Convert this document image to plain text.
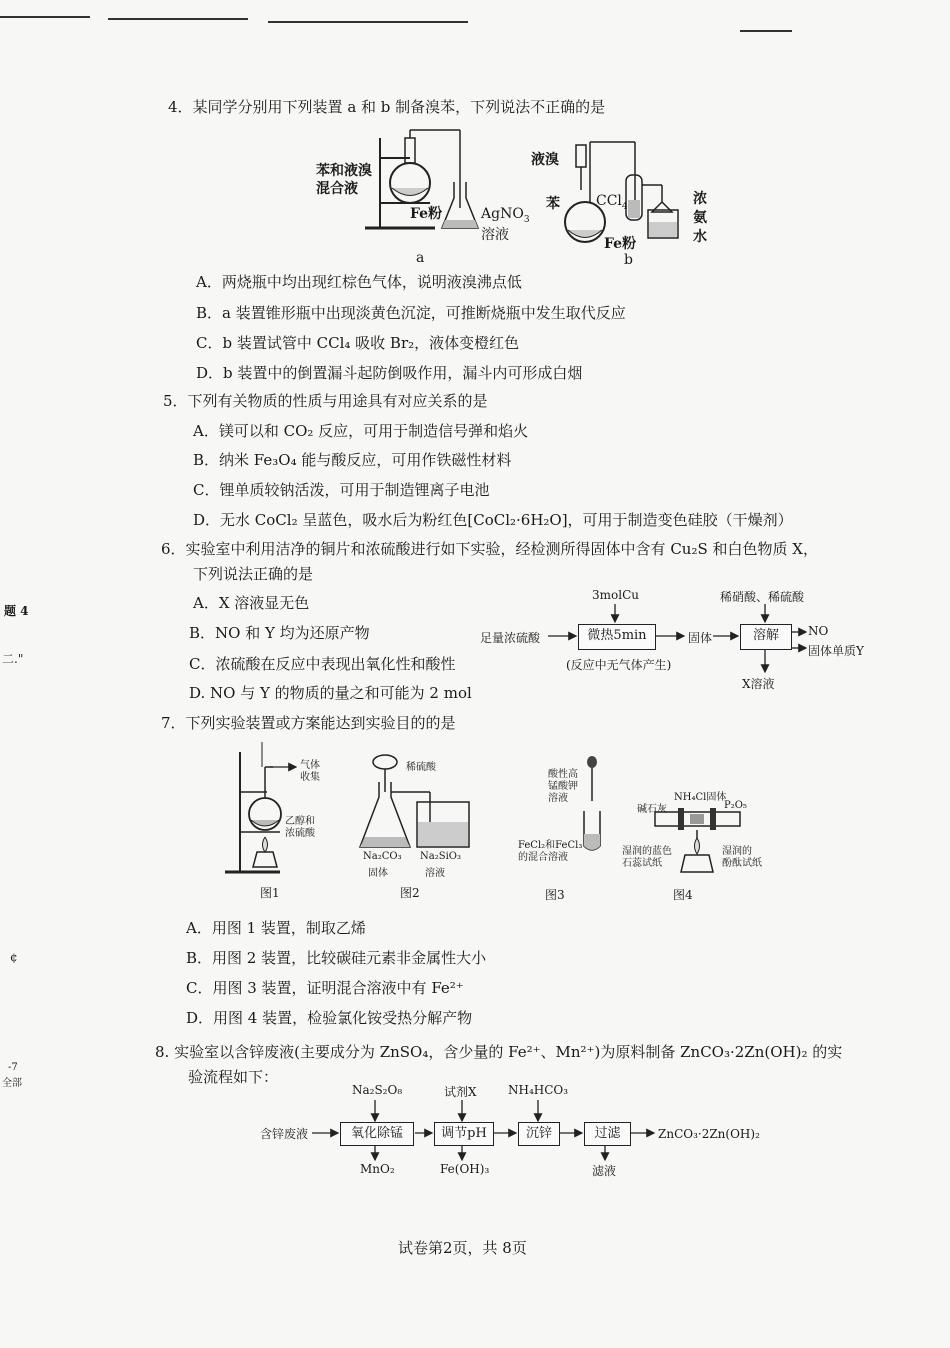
题 4
二."
¢
-7
全部
4．某同学分别用下列装置 a 和 b 制备溴苯，下列说法不正确的是
苯和液溴
混合液
Fe粉	AgNO$_3$
溶液
a
液溴
苯	CCl$_4$
Fe粉
浓
氨
水
b
A．两烧瓶中均出现红棕色气体，说明液溴沸点低
B．a 装置锥形瓶中出现淡黄色沉淀，可推断烧瓶中发生取代反应
C．b 装置试管中 CCl₄ 吸收 Br₂，液体变橙红色
D．b 装置中的倒置漏斗起防倒吸作用，漏斗内可形成白烟
5．下列有关物质的性质与用途具有对应关系的是
A．镁可以和 CO₂ 反应，可用于制造信号弹和焰火
B．纳米 Fe₃O₄ 能与酸反应，可用作铁磁性材料
C．锂单质较钠活泼，可用于制造锂离子电池
D．无水 CoCl₂ 呈蓝色，吸水后为粉红色[CoCl₂·6H₂O]，可用于制造变色硅胶（干燥剂）
6．实验室中利用洁净的铜片和浓硫酸进行如下实验，经检测所得固体中含有 Cu₂S 和白色物质 X，
下列说法正确的是
A．X 溶液显无色
B．NO 和 Y 均为还原产物
C．浓硫酸在反应中表现出氧化性和酸性
D. NO 与 Y 的物质的量之和可能为 2 mol
3molCu	稀硝酸、稀硫酸
足量浓硫酸	微热5min
(反应中无气体产生)
固体	溶解	NO
固体单质Y
X溶液
7．下列实验装置或方案能达到实验目的的是
气体
收集
乙醇和
浓硫酸
图1
稀硫酸
Na₂CO₃
固体
Na₂SiO₃
溶液
图2
酸性高
锰酸钾
溶液
FeCl₂和FeCl₃
的混合溶液
图3
NH₄Cl固体
碱石灰	P₂O₅
湿润的蓝色
石蕊试纸
湿润的
酚酞试纸
图4
A．用图 1 装置，制取乙烯
B．用图 2 装置，比较碳硅元素非金属性大小
C．用图 3 装置，证明混合溶液中有 Fe²⁺
D．用图 4 装置，检验氯化铵受热分解产物
8. 实验室以含锌废液(主要成分为 ZnSO₄，含少量的 Fe²⁺、Mn²⁺)为原料制备 ZnCO₃·2Zn(OH)₂ 的实
验流程如下：
Na₂S₂O₈	试剂X	NH₄HCO₃
含锌废液	氧化除锰	调节pH	沉锌	过滤	ZnCO₃·2Zn(OH)₂
MnO₂	Fe(OH)₃	滤液
试卷第2页，共 8页
